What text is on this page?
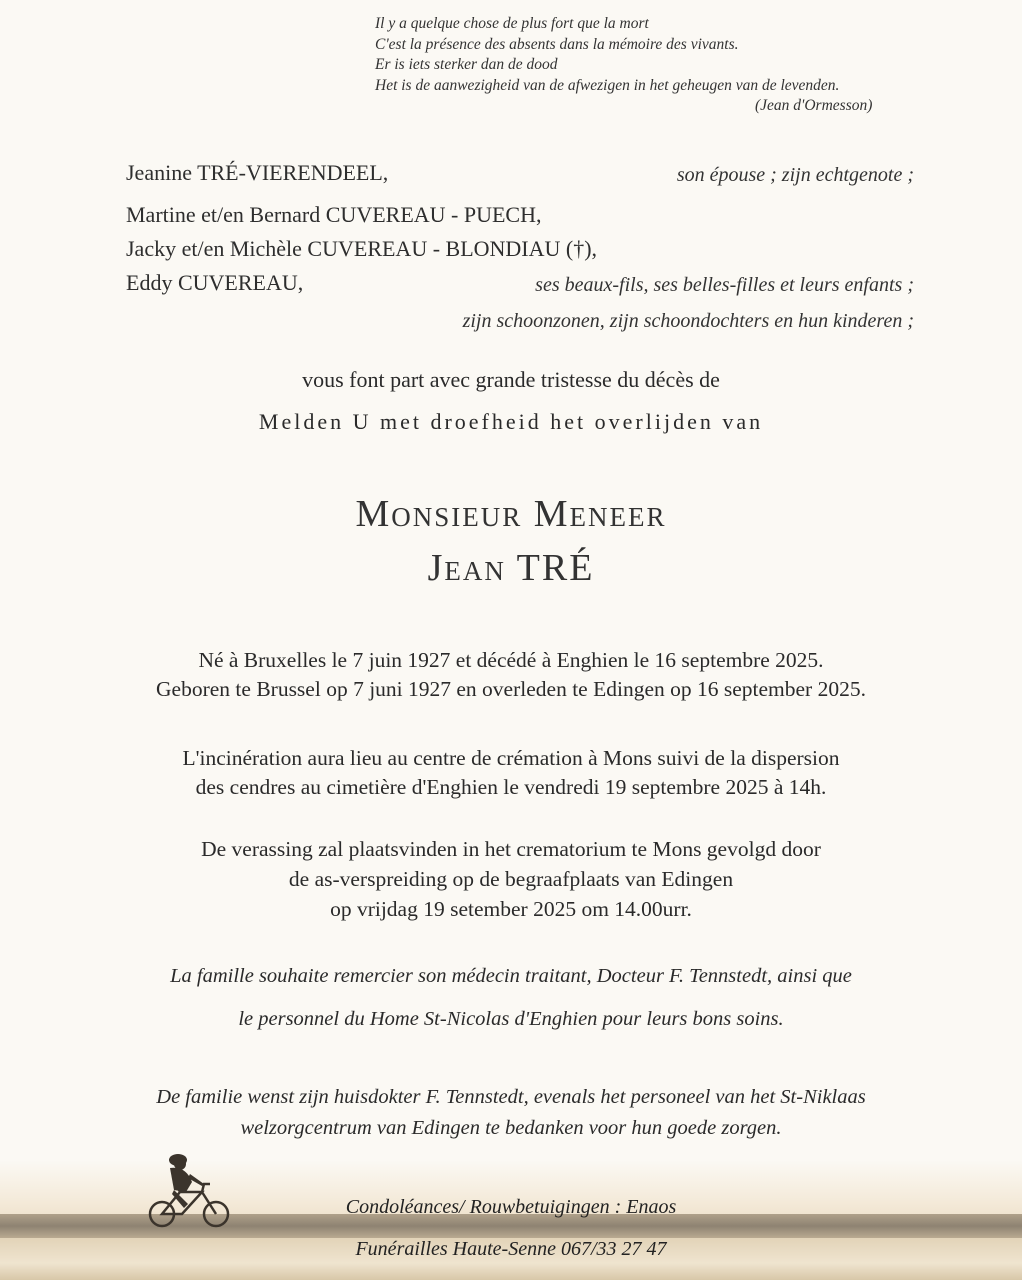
Il y a quelque chose de plus fort que la mort
C'est la présence des absents dans la mémoire des vivants.
Er is iets sterker dan de dood
Het is de aanwezigheid van de afwezigen in het geheugen van de levenden.
(Jean d'Ormesson)
Jeanine TRÉ-VIERENDEEL,	son épouse ; zijn echtgenote ;
Martine et/en Bernard CUVEREAU - PUECH,
Jacky et/en Michèle CUVEREAU - BLONDIAU (†),
Eddy CUVEREAU,	ses beaux-fils, ses belles-filles et leurs enfants ;
zijn schoonzonen, zijn schoondochters en hun kinderen ;
vous font part avec grande tristesse du décès de
Melden U met droefheid het overlijden van
Monsieur Meneer
Jean TRÉ
Né à Bruxelles le 7 juin 1927 et décédé à Enghien le 16 septembre 2025.
Geboren te Brussel op 7 juni 1927 en overleden te Edingen op 16 september 2025.
L'incinération aura lieu au centre de crémation à Mons suivi de la dispersion
des cendres au cimetière d'Enghien le vendredi 19 septembre 2025 à 14h.
De verassing zal plaatsvinden in het crematorium te Mons gevolgd door
de as-verspreiding op de begraafplaats van Edingen
op vrijdag 19 setember 2025 om 14.00urr.
La famille souhaite remercier son médecin traitant, Docteur F. Tennstedt, ainsi que
le personnel du Home St-Nicolas d'Enghien pour leurs bons soins.
De familie wenst zijn huisdokter F. Tennstedt, evenals het personeel van het St-Niklaas
welzorgcentrum van Edingen te bedanken voor hun goede zorgen.
Condoléances/ Rouwbetuigingen : Enaos
Funérailles Haute-Senne 067/33 27 47
